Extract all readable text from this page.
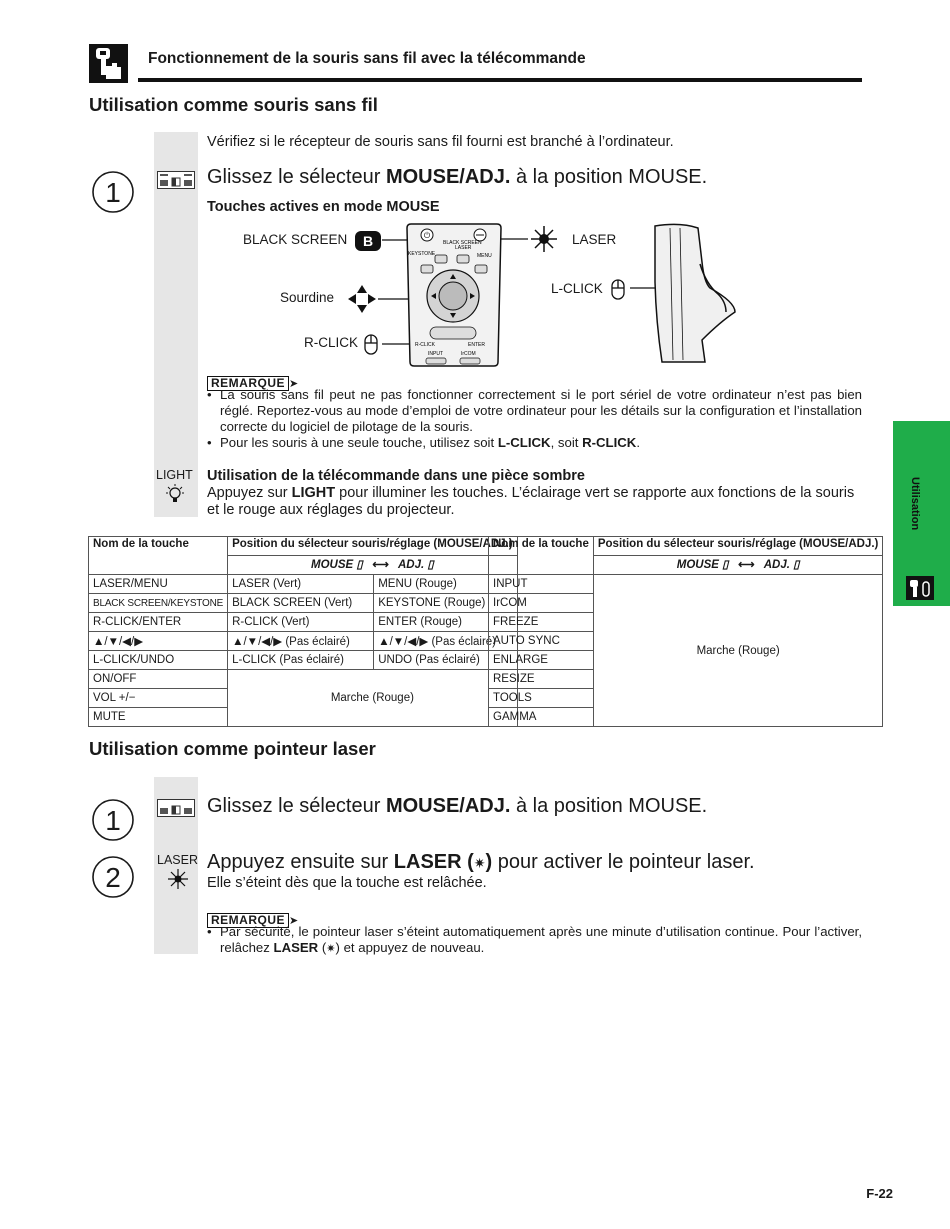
Fonctionnement de la souris sans fil avec la télécommande
Utilisation comme souris sans fil
Vérifiez si le récepteur de souris sans fil fourni est branché à l’ordinateur.
1	Glissez le sélecteur MOUSE/ADJ. à la position MOUSE.
Touches actives en mode MOUSE
BLACK SCREEN	B	LASER
Sourdine
L-CLICK
R-CLICK
⏻
BLACK SCREEN
LASER
KEYSTONE	MENU
R-CLICK	ENTER
INPUT	IrCOM
REMARQUE ➤
• La souris sans fil peut ne pas fonctionner correctement si le port sériel de votre ordinateur n’est pas bien réglé. Reportez-vous au mode d’emploi de votre ordinateur pour les détails sur la configuration et l’installation correcte du logiciel de pilotage de la souris.
• Pour les souris à une seule touche, utilisez soit L-CLICK, soit R-CLICK.
LIGHT Utilisation de la télécommande dans une pièce sombre
Appuyez sur LIGHT pour illuminer les touches. L’éclairage vert se rapporte aux fonctions de la souris et le rouge aux réglages du projecteur.
Nom de la touche	Position du sélecteur souris/réglage (MOUSE/ADJ.)	
	MOUSE ▯   ⟷ ADJ. ▯	
LASER/MENU	LASER (Vert)	MENU (Rouge)
BLACK SCREEN/KEYSTONE	BLACK SCREEN (Vert)	KEYSTONE (Rouge)
R-CLICK/ENTER	R-CLICK (Vert)	ENTER (Rouge)
▲/▼/◀/▶	▲/▼/◀/▶ (Pas éclairé)	▲/▼/◀/▶ (Pas éclairé)
L-CLICK/UNDO	L-CLICK (Pas éclairé)	UNDO (Pas éclairé)
ON/OFF	Marche (Rouge)	
VOL +/−		
MUTE		
Nom de la touche	Position du sélecteur souris/réglage (MOUSE/ADJ.)
	MOUSE ▯   ⟷ ADJ. ▯
INPUT	Marche (Rouge)
IrCOM	
FREEZE	
AUTO SYNC	
ENLARGE	
RESIZE	
TOOLS	
GAMMA	
Utilisation comme pointeur laser
1	Glissez le sélecteur MOUSE/ADJ. à la position MOUSE.
2
LASER Appuyez ensuite sur LASER (✷) pour activer le pointeur laser.
Elle s’éteint dès que la touche est relâchée.
REMARQUE ➤
• Par sécurité, le pointeur laser s’éteint automatiquement après une minute d’utilisation continue. Pour l’activer, relâchez LASER (✷) et appuyez de nouveau.
Utilisation
F-22
